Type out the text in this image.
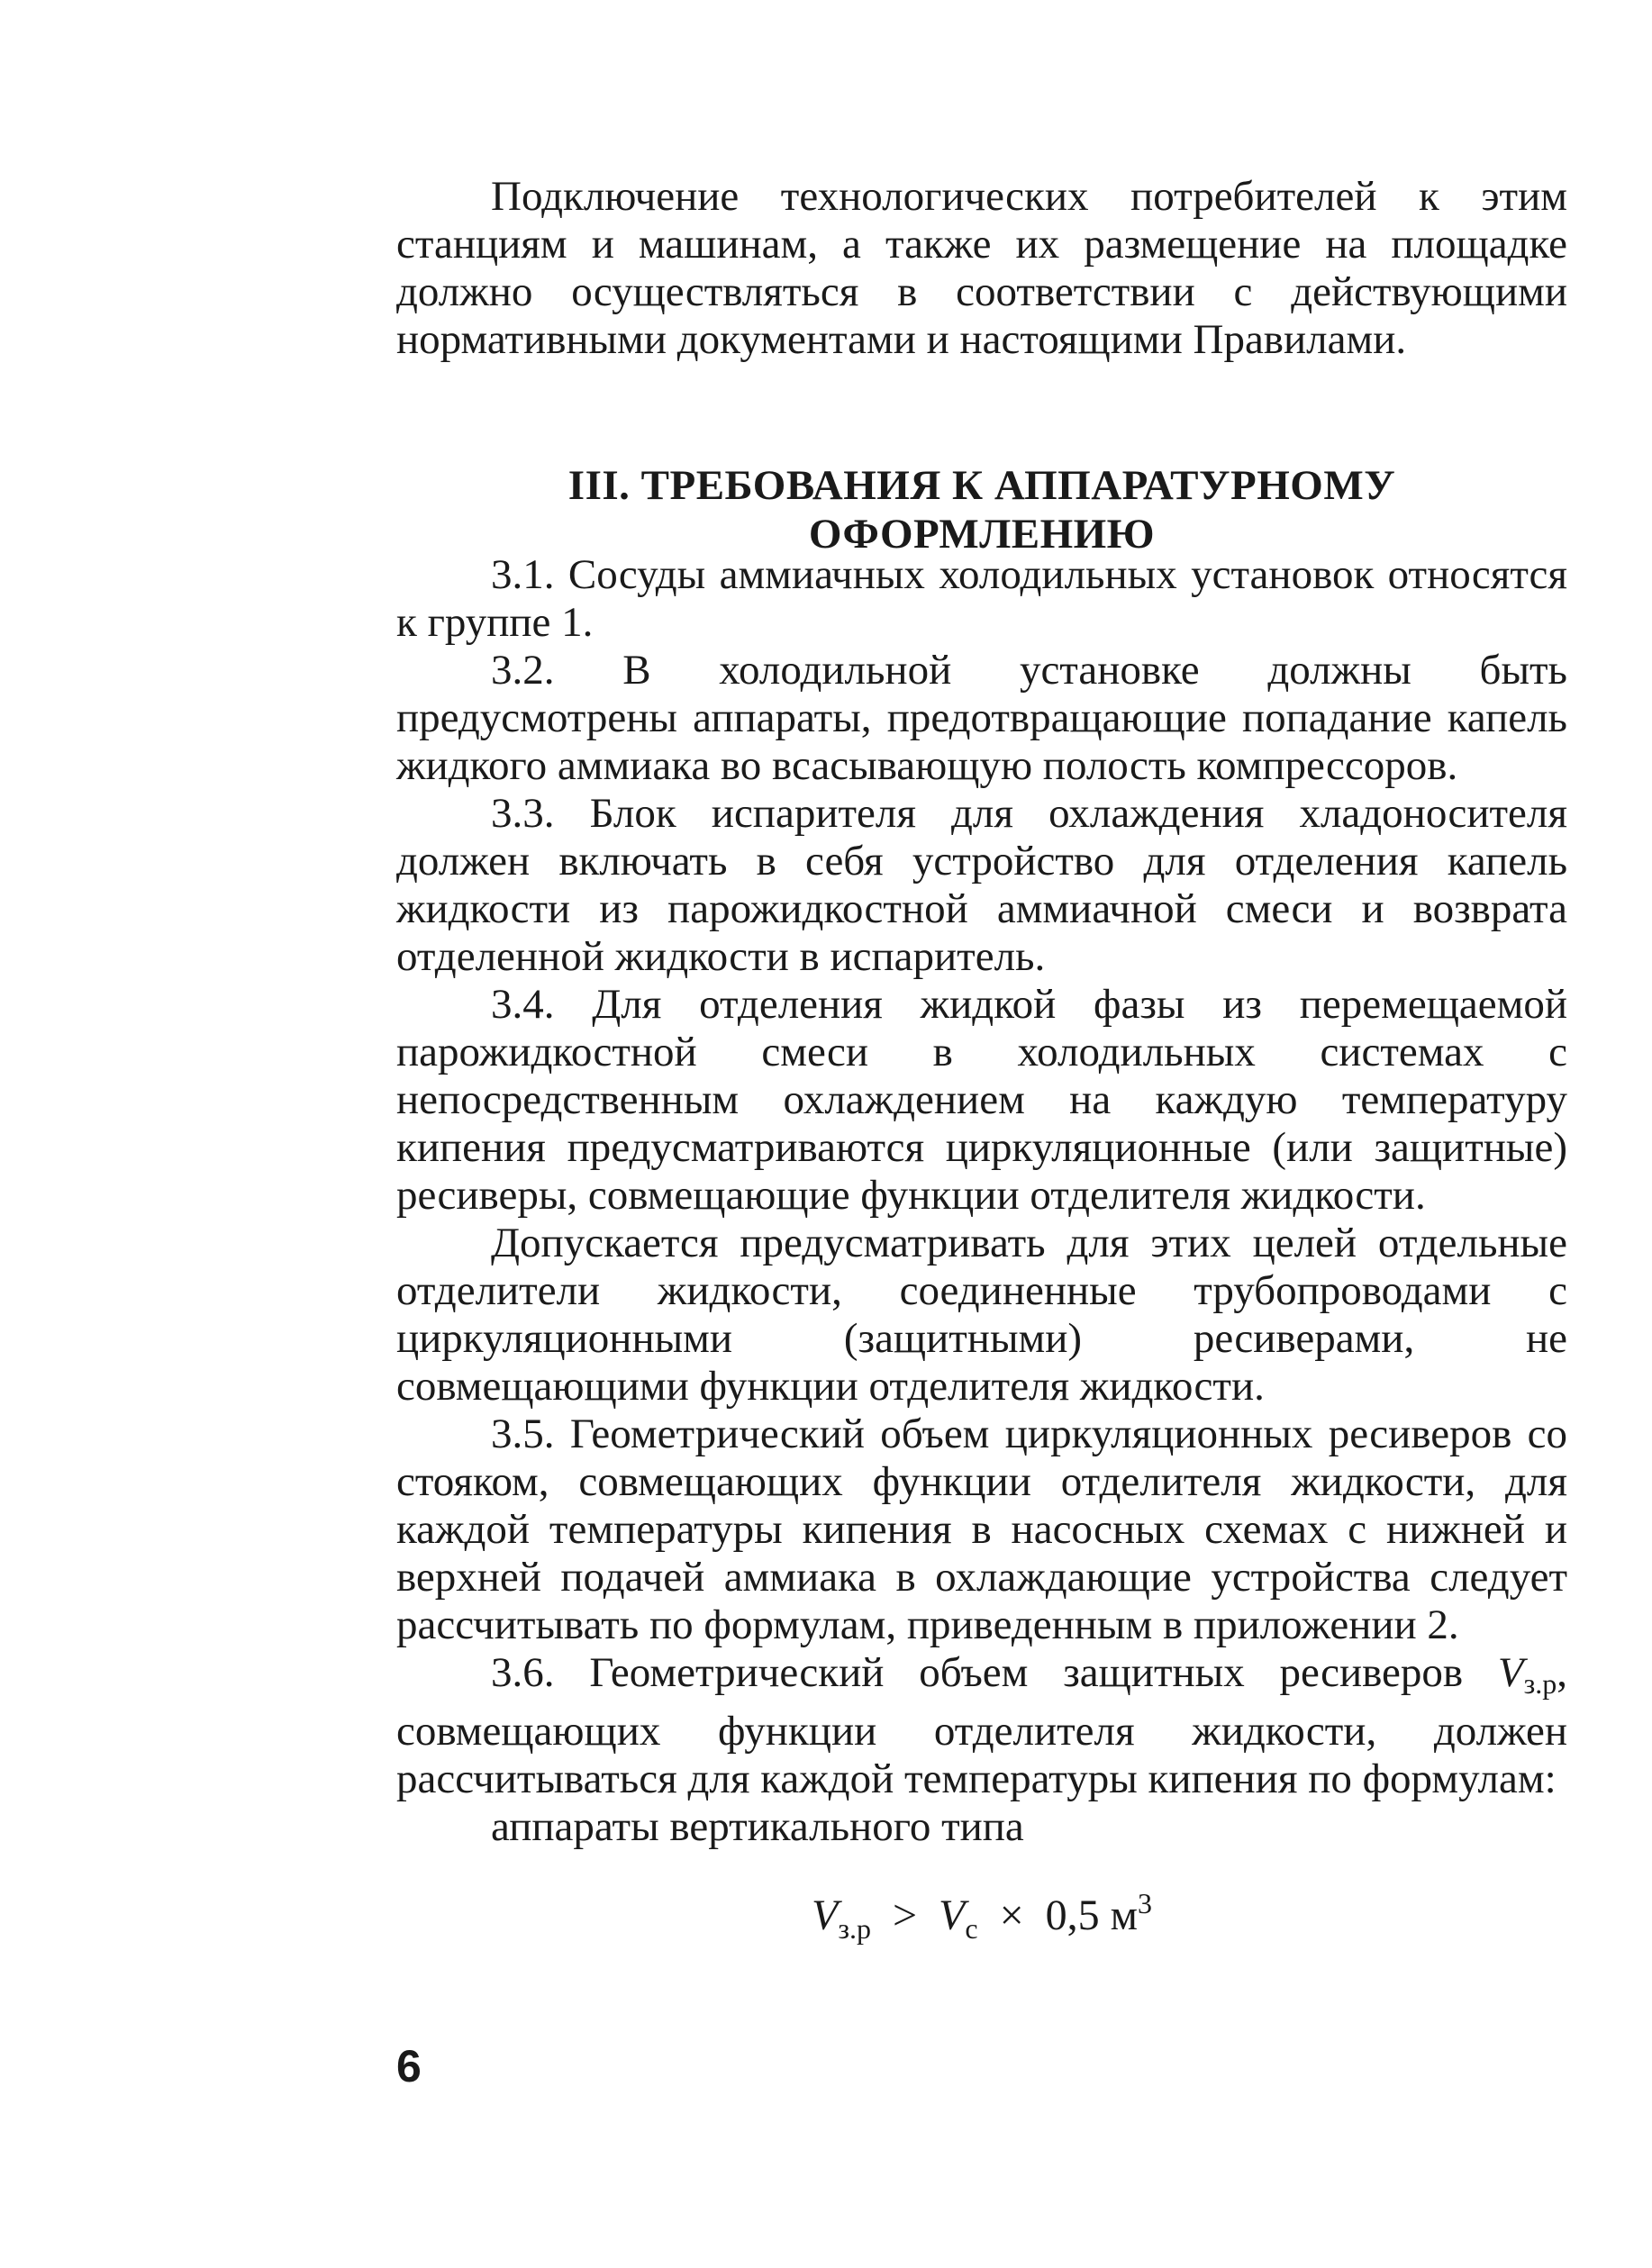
Подключение технологических потребителей к этим станциям и машинам, а также их размещение на площадке должно осуществляться в соответствии с действующими нормативными документами и настоящими Правилами.

III. ТРЕБОВАНИЯ К АППАРАТУРНОМУ ОФОРМЛЕНИЮ

3.1. Сосуды аммиачных холодильных установок относятся к группе 1.

3.2. В холодильной установке должны быть предусмотрены аппараты, предотвращающие попадание капель жидкого аммиака во всасывающую полость компрессоров.

3.3. Блок испарителя для охлаждения хладоносителя должен включать в себя устройство для отделения капель жидкости из парожидкостной аммиачной смеси и возврата отделенной жидкости в испаритель.

3.4. Для отделения жидкой фазы из перемещаемой парожидкостной смеси в холодильных системах с непосредственным охлаждением на каждую температуру кипения предусматриваются циркуляционные (или защитные) ресиверы, совмещающие функции отделителя жидкости.

Допускается предусматривать для этих целей отдельные отделители жидкости, соединенные трубопроводами с циркуляционными (защитными) ресиверами, не совмещающими функции отделителя жидкости.

3.5. Геометрический объем циркуляционных ресиверов со стояком, совмещающих функции отделителя жидкости, для каждой температуры кипения в насосных схемах с нижней и верхней подачей аммиака в охлаждающие устройства следует рассчитывать по формулам, приведенным в приложении 2.

3.6. Геометрический объем защитных ресиверов $V_{з.р}$, совмещающих функции отделителя жидкости, должен рассчитываться для каждой температуры кипения по формулам:

аппараты вертикального типа

$V_{з.р} > V_с \times 0,5$ $м^3$
6
